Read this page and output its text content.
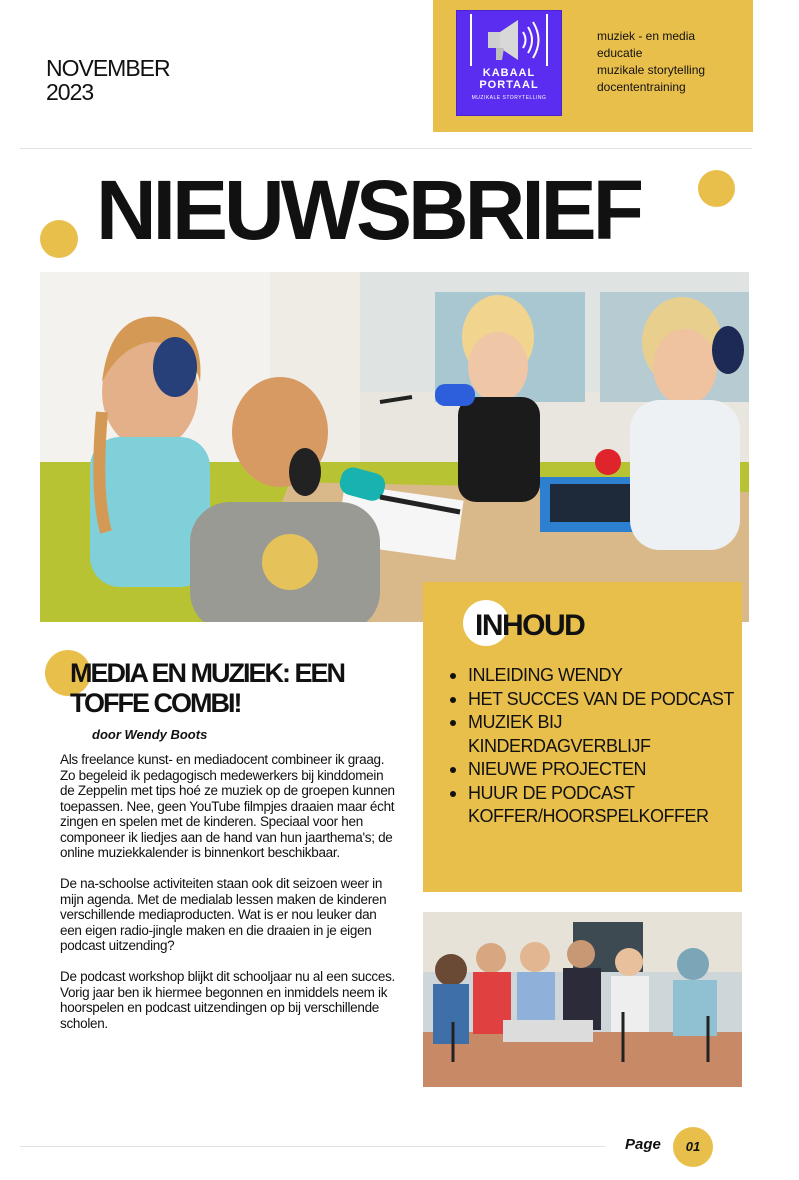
NOVEMBER
2023
KABAAL
PORTAAL
MUZIKALE STORYTELLING
muziek - en media
educatie
muzikale storytelling
docententraining
NIEUWSBRIEF
INHOUD
INLEIDING WENDY
HET SUCCES VAN DE PODCAST
MUZIEK BIJ KINDERDAGVERBLIJF
NIEUWE PROJECTEN
HUUR DE PODCAST KOFFER/HOORSPELKOFFER
MEDIA EN MUZIEK: EEN TOFFE COMBI!
door Wendy Boots

Als freelance kunst- en mediadocent combineer ik graag. Zo begeleid ik pedagogisch medewerkers bij kinddomein de Zeppelin met tips hoé ze muziek op de groepen kunnen toepassen. Nee, geen YouTube filmpjes draaien maar écht zingen en spelen met de kinderen. Speciaal voor hen componeer ik liedjes aan de hand van hun jaarthema's; de online muziekkalender is binnenkort beschikbaar.

De na-schoolse activiteiten staan ook dit seizoen weer in mijn agenda. Met de medialab lessen maken de kinderen verschillende mediaproducten. Wat is er nou leuker dan een eigen radio-jingle maken en die draaien in je eigen podcast uitzending?

De podcast workshop blijkt dit schooljaar nu al een succes. Vorig jaar ben ik hiermee begonnen en inmiddels neem ik hoorspelen en podcast uitzendingen op bij verschillende scholen.

Page	01
